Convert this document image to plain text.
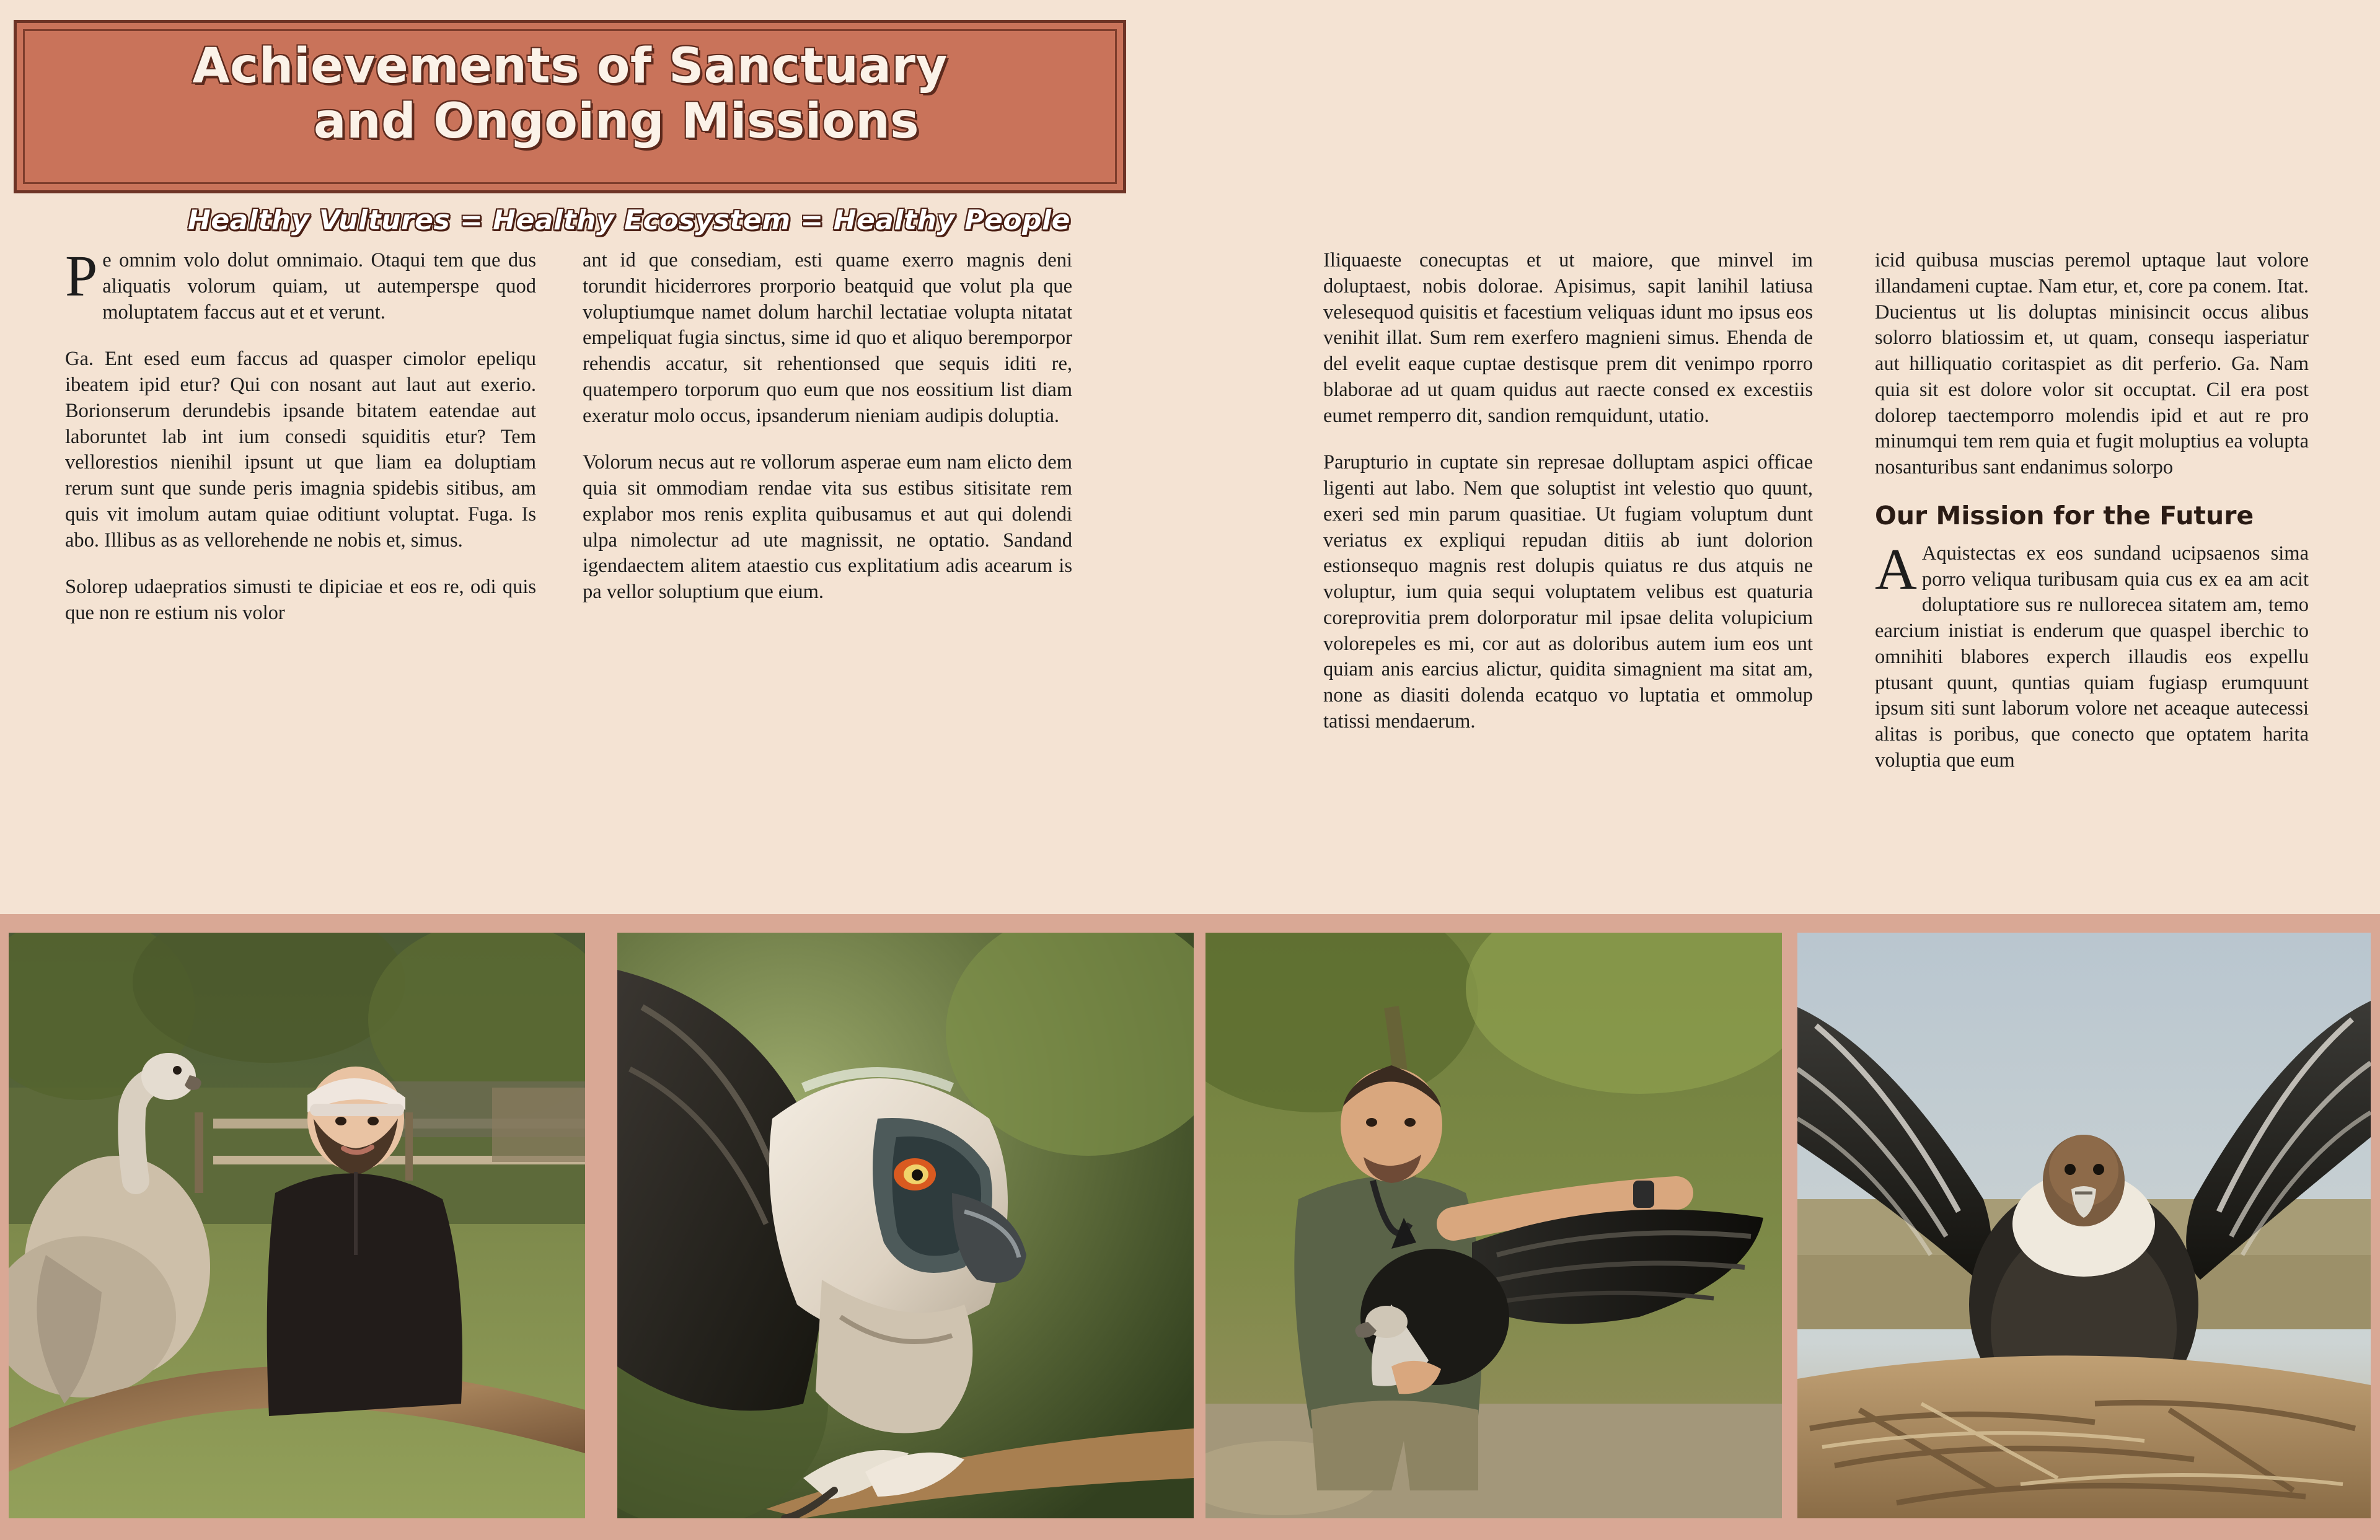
Achievements of Sanctuary
and Ongoing Missions
Healthy Vultures = Healthy Ecosystem = Healthy People

Pe omnim volo dolut omnimaio. Otaqui tem que dus aliquatis volorum quiam, ut autemperspe quod moluptatem faccus aut et et verunt.

Ga. Ent esed eum faccus ad quasper cimolor epeliqu ibeatem ipid etur? Qui con nosant aut laut aut exerio. Borionserum derundebis ipsande bitatem eatendae aut laboruntet lab int ium consedi squiditis etur? Tem vellorestios nienihil ipsunt ut que liam ea doluptiam rerum sunt que sunde peris imagnia spidebis sitibus, am quis vit imolum autam quiae oditiunt voluptat. Fuga. Is abo. Illibus as as vellorehende ne nobis et, simus.

Solorep udaepratios simusti te dipiciae et eos re, odi quis que non re estium nis volor

ant id que consediam, esti quame exerro magnis deni torundit hiciderrores prorporio beatquid que volut pla que voluptiumque namet dolum harchil lectatiae volupta nitatat empeliquat fugia sinctus, sime id quo et aliquo beremporpor rehendis accatur, sit rehentionsed que sequis iditi re, quatempero torporum quo eum que nos eossitium list diam exeratur molo occus, ipsanderum nieniam audipis doluptia.

Volorum necus aut re vollorum asperae eum nam elicto dem quia sit ommodiam rendae vita sus estibus sitisitate rem explabor mos renis explita quibusamus et aut qui dolendi ulpa nimolectur ad ute magnissit, ne optatio. Sandand igendaectem alitem ataestio cus explitatium adis acearum is pa vellor soluptium que eium.

Iliquaeste conecuptas et ut maiore, que minvel im doluptaest, nobis dolorae. Apisimus, sapit lanihil latiusa velesequod quisitis et facestium veliquas idunt mo ipsus eos venihit illat. Sum rem exerfero magnieni simus. Ehenda de del evelit eaque cuptae destisque prem dit venimpo rporro blaborae ad ut quam quidus aut raecte consed ex excestiis eumet remperro dit, sandion remquidunt, utatio.

Parupturio in cuptate sin represae dolluptam aspici officae ligenti aut labo. Nem que soluptist int velestio quo quunt, exeri sed min parum quasitiae. Ut fugiam voluptum dunt veriatus ex expliqui repudan ditiis ab iunt dolorion estionsequo magnis rest dolupis quiatus re dus atquis ne voluptur, ium quia sequi voluptatem velibus est quaturia coreprovitia prem dolorporatur mil ipsae delita volupicium volorepeles es mi, cor aut as doloribus autem ium eos unt quiam anis earcius alictur, quidita simagnient ma sitat am, none as diasiti dolenda ecatquo vo luptatia et ommolup tatissi mendaerum.

icid quibusa muscias peremol uptaque laut volore illandameni cuptae. Nam etur, et, core pa conem. Itat. Ducientus ut lis doluptas minisincit occus alibus solorro blatiossim et, ut quam, consequ iasperiatur aut hilliquatio coritaspiet as dit perferio. Ga. Nam quia sit est dolore volor sit occuptat. Cil era post dolorep taectemporro molendis ipid et aut re pro minumqui tem rem quia et fugit moluptius ea volupta nosanturibus sant endanimus solorpo

Our Mission for the Future

AAquistectas ex eos sundand ucipsaenos sima porro veliqua turibusam quia cus ex ea am acit doluptatiore sus re nullorecea sitatem am, temo earcium inistiat is enderum que quaspel iberchic to omnihiti blabores experch illaudis eos expellu ptusant quunt, quntias quiam fugiasp erumquunt ipsum siti sunt laborum volore net aceaque autecessi alitas is poribus, que conecto que optatem harita voluptia que eum
